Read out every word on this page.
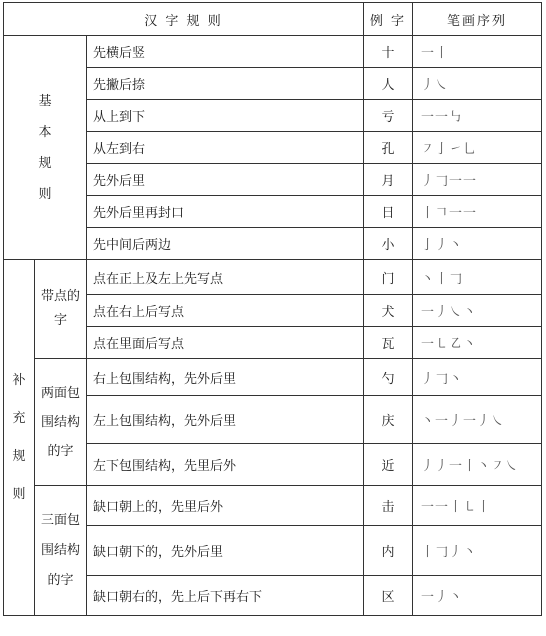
汉 字 规 则			例 字	笔画序列
基本规则		先横后竖	十	一丨
		先撇后捺	人	丿㇏
		从上到下	亏	一一㇉
		从左到右	孔	㇇亅㇀乚
		先外后里	月	丿𠃌一一
		先外后里再封口	日	丨𠃍一一
		先中间后两边	小	亅丿丶
补充规则	带点的字	点在正上及左上先写点	门	丶丨𠃌
		点在右上后写点	犬	一丿㇏丶
		点在里面后写点	瓦	一㇄㇠丶
	两面包围结构的字	右上包围结构，先外后里	勺	丿𠃌丶
		左上包围结构，先外后里	庆	丶一丿一丿㇏
		左下包围结构，先里后外	近	丿丿一丨丶㇇㇏
	三面包围结构的字	缺口朝上的，先里后外	击	一一丨㇄丨
		缺口朝下的，先外后里	内	丨𠃌丿丶
		缺口朝右的，先上后下再右下	区	一丿丶
